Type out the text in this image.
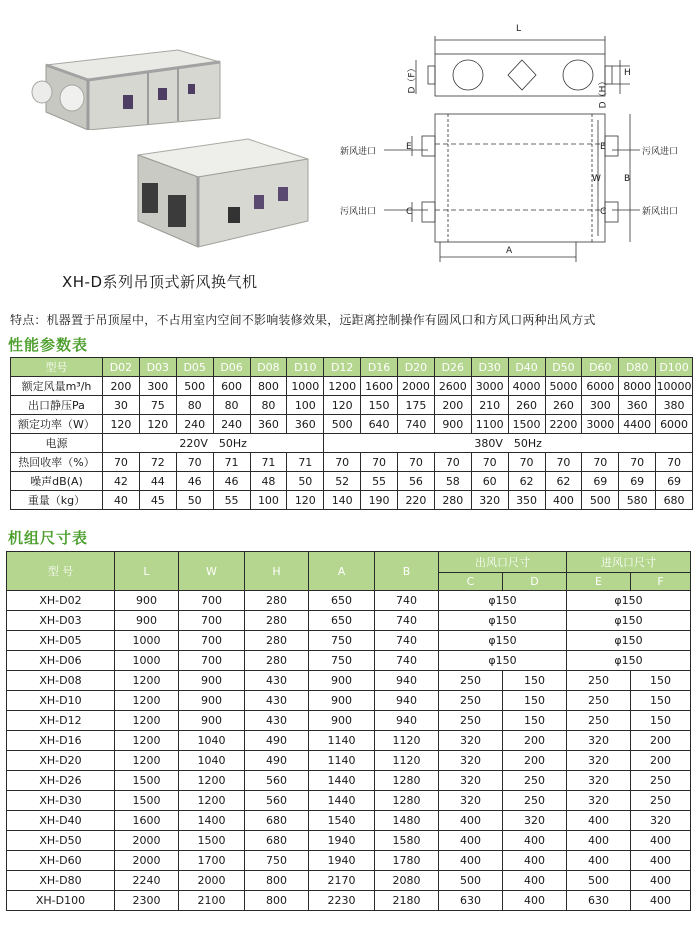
XH-D系列吊顶式新风换气机
L
H
D（F）	D（H）
E	E
C	C
W	B
A
新风进口	污风进口
污风出口	新风出口
特点：机器置于吊顶屋中，不占用室内空间不影响装修效果，远距离控制操作有圆风口和方风口两种出风方式
性能参数表
型号	D02	D03	D05	D06	D08	D10	D12	D16	D20	D26	D30	D40	D50	D60	D80	D100
额定风量m³/h	200	300	500	600	800	1000	1200	1600	2000	2600	3000	4000	5000	6000	8000	10000
出口静压Pa	30	75	80	80	80	100	120	150	175	200	210	260	260	300	360	380
额定功率（W）	120	120	240	240	360	360	500	640	740	900	1100	1500	2200	3000	4400	6000
电源	220V　50Hz						380V　50Hz									
热回收率（%）	70	72	70	71	71	71	70	70	70	70	70	70	70	70	70	70
噪声dB(A)	42	44	46	46	48	50	52	55	56	58	60	62	62	69	69	69
重量（kg）	40	45	50	55	100	120	140	190	220	280	320	350	400	500	580	680
机组尺寸表
型 号	L	W	H	A	B	出风口尺寸		进风口尺寸	
						C	D	E	F
XH-D02	900	700	280	650	740	φ150		φ150	
XH-D03	900	700	280	650	740	φ150		φ150	
XH-D05	1000	700	280	750	740	φ150		φ150	
XH-D06	1000	700	280	750	740	φ150		φ150	
XH-D08	1200	900	430	900	940	250	150	250	150
XH-D10	1200	900	430	900	940	250	150	250	150
XH-D12	1200	900	430	900	940	250	150	250	150
XH-D16	1200	1040	490	1140	1120	320	200	320	200
XH-D20	1200	1040	490	1140	1120	320	200	320	200
XH-D26	1500	1200	560	1440	1280	320	250	320	250
XH-D30	1500	1200	560	1440	1280	320	250	320	250
XH-D40	1600	1400	680	1540	1480	400	320	400	320
XH-D50	2000	1500	680	1940	1580	400	400	400	400
XH-D60	2000	1700	750	1940	1780	400	400	400	400
XH-D80	2240	2000	800	2170	2080	500	400	500	400
XH-D100	2300	2100	800	2230	2180	630	400	630	400
